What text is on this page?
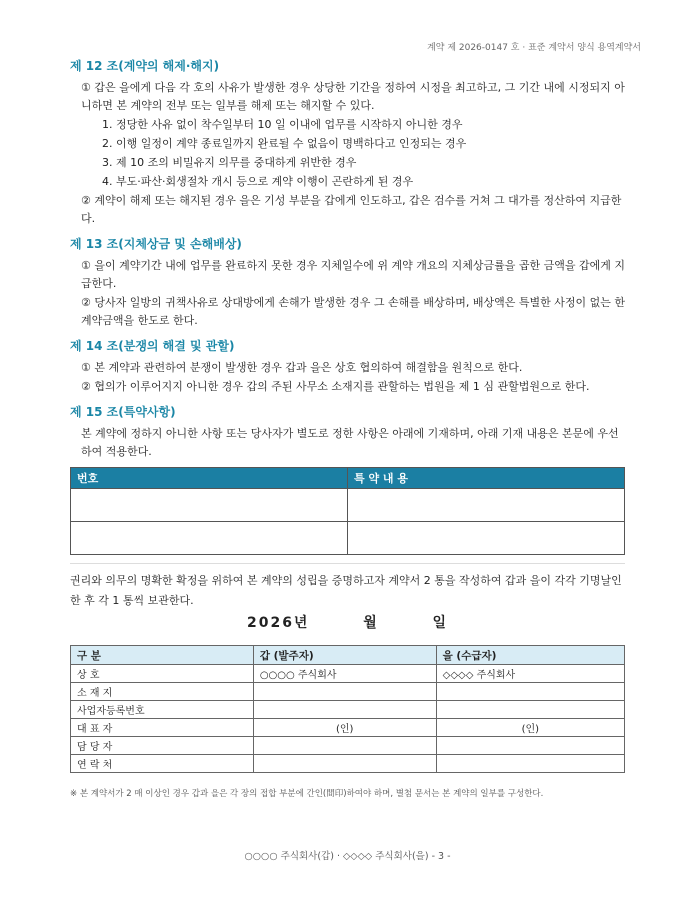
계약 제 2026-0147 호 · 표준 계약서 양식 용역계약서
제 12 조(계약의 해제·해지)
① 갑은 을에게 다음 각 호의 사유가 발생한 경우 상당한 기간을 정하여 시정을 최고하고, 그 기간 내에 시정되지 아니하면 본 계약의 전부 또는 일부를 해제 또는 해지할 수 있다.
1. 정당한 사유 없이 착수일부터 10 일 이내에 업무를 시작하지 아니한 경우
2. 이행 일정이 계약 종료일까지 완료될 수 없음이 명백하다고 인정되는 경우
3. 제 10 조의 비밀유지 의무를 중대하게 위반한 경우
4. 부도·파산·회생절차 개시 등으로 계약 이행이 곤란하게 된 경우
② 계약이 해제 또는 해지된 경우 을은 기성 부분을 갑에게 인도하고, 갑은 검수를 거쳐 그 대가를 정산하여 지급한다.
제 13 조(지체상금 및 손해배상)
① 을이 계약기간 내에 업무를 완료하지 못한 경우 지체일수에 위 계약 개요의 지체상금률을 곱한 금액을 갑에게 지급한다.
② 당사자 일방의 귀책사유로 상대방에게 손해가 발생한 경우 그 손해를 배상하며, 배상액은 특별한 사정이 없는 한 계약금액을 한도로 한다.
제 14 조(분쟁의 해결 및 관할)
① 본 계약과 관련하여 분쟁이 발생한 경우 갑과 을은 상호 협의하여 해결함을 원칙으로 한다.
② 협의가 이루어지지 아니한 경우 갑의 주된 사무소 소재지를 관할하는 법원을 제 1 심 관할법원으로 한다.
제 15 조(특약사항)
본 계약에 정하지 아니한 사항 또는 당사자가 별도로 정한 사항은 아래에 기재하며, 아래 기재 내용은 본문에 우선하여 적용한다.
번호	특 약 내 용

권리와 의무의 명확한 확정을 위하여 본 계약의 성립을 증명하고자 계약서 2 통을 작성하여 갑과 을이 각각 기명날인한 후 각 1 통씩 보관한다.
2026년	월	일
구 분	갑 (발주자)	을 (수급자)
상 호	○○○○ 주식회사	◇◇◇◇ 주식회사
소 재 지		
사업자등록번호		
대 표 자	(인)	(인)
담 당 자		
연 락 처		
※ 본 계약서가 2 매 이상인 경우 갑과 을은 각 장의 접합 부분에 간인(間印)하여야 하며, 별첨 문서는 본 계약의 일부를 구성한다.
○○○○ 주식회사(갑) · ◇◇◇◇ 주식회사(을) - 3 -
